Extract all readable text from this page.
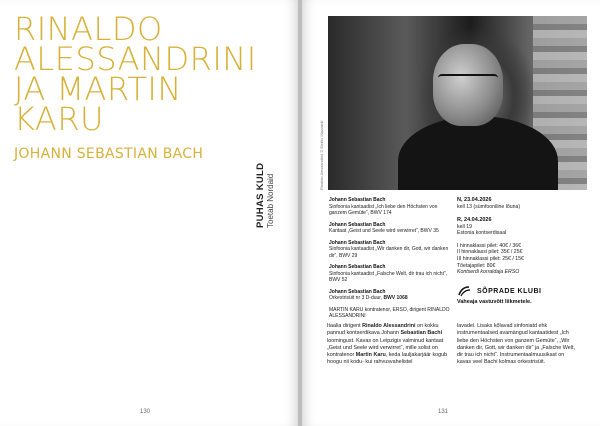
RINALDO
ALESSANDRINI
JA MARTIN
KARU
JOHANN SEBASTIAN BACH
PUHAS KULD Toetab Nordaid
130
Rinaldo Alessandrini © Emilio Mazzanti
Johann Sebastian Bach
Sinfoonia kantaadist „Ich liebe den Höchsten von ganzem Gemüte“, BWV 174
Johann Sebastian Bach
Kantaat „Geist und Seele wird verwirret“, BWV 35
Johann Sebastian Bach
Sinfoonia kantaadist „Wir danken dir, Gott, wir danken dir“, BWV 29
Johann Sebastian Bach
Sinfoonia kantaadist „Falsche Welt, dir trau ich nicht“, BWV 52
Johann Sebastian Bach
Orkestrisüit nr 3 D-duur, BWV 1068
MARTIN KARU kontratenor, ERSO, dirigent RINALDO ALESSANDRINI
N, 23.04.2026
kell 13 (sümfooniline lõuna)
R, 24.04.2026
kell 19
Estonia kontserdisaal
I hinnaklassi pilet: 40€ / 36€
II hinnaklassi pilet: 35€ / 25€
III hinnaklassi pilet: 25€ / 15€
Tõetajapilet: 80€
Kontserdi korraldaja ERSO
SÕPRADE KLUBI
Vaheaja vastuvõtt liikmetele.
Itaalia dirigent Rinaldo Alessandrini on kokku pannud kontserdikava Johann Sebastian Bachi loomingust. Kavas on Leipzigis valminud kantaat „Geist und Seele wird verwirret“, mille solist on kontratenor Martin Karu, keda lauljakarjäär kogub hoogu nii kodu- kui rahvusvahelistel
lavadel. Lisaks kõlavad sinfoniatd ehk instrumentaalsed avamängud kantaatidest „Ich liebe den Höchsten von ganzem Gemüte“, „Wir danken dir, Gott, wir danken dir“ ja „Falsche Welt, dir trau ich nicht“. Instrumentaalmuusikast on kavas veel Bachi kolmas orkestrisüit.
131
